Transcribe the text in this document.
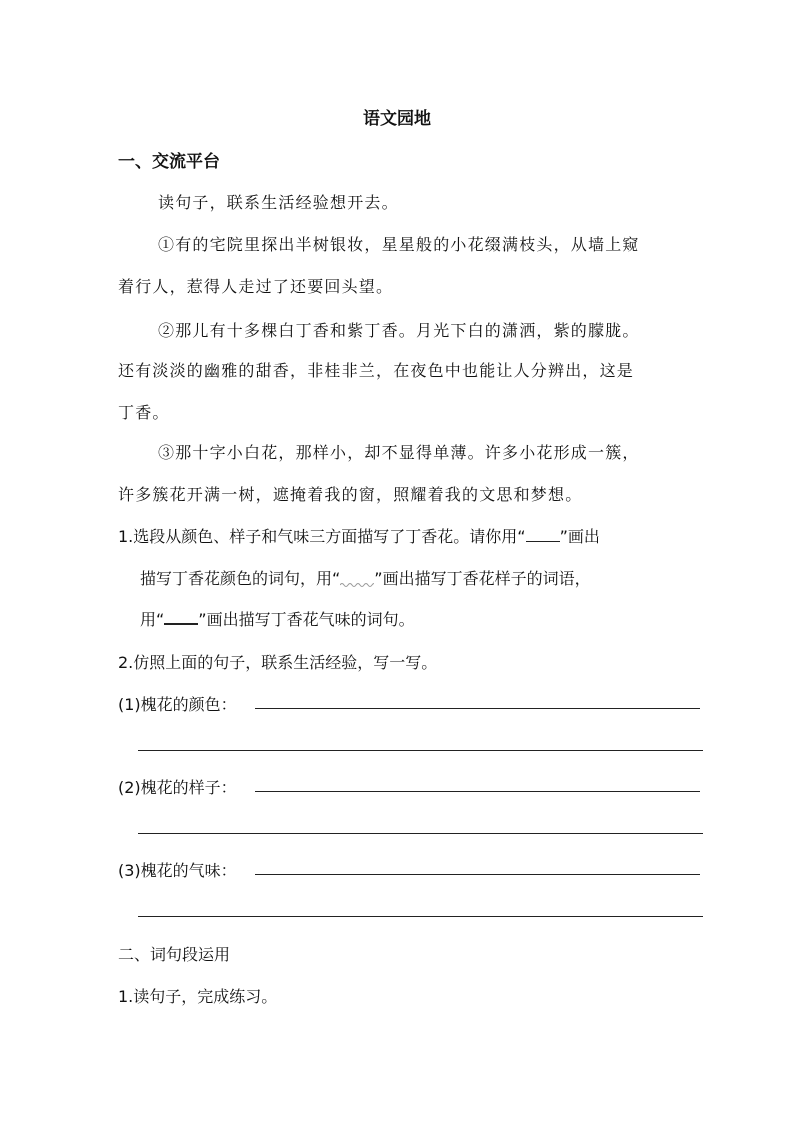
语文园地
一、交流平台
读句子，联系生活经验想开去。
①有的宅院里探出半树银妆，星星般的小花缀满枝头，从墙上窥
着行人，惹得人走过了还要回头望。
②那儿有十多棵白丁香和紫丁香。月光下白的潇洒，紫的朦胧。
还有淡淡的幽雅的甜香，非桂非兰，在夜色中也能让人分辨出，这是
丁香。
③那十字小白花，那样小，却不显得单薄。许多小花形成一簇，
许多簇花开满一树，遮掩着我的窗，照耀着我的文思和梦想。
1.选段从颜色、样子和气味三方面描写了丁香花。请你用“ ”画出
描写丁香花颜色的词句，用“ ”画出描写丁香花样子的词语，
用“ ”画出描写丁香花气味的词句。
2.仿照上面的句子，联系生活经验，写一写。
(1)槐花的颜色：
(2)槐花的样子：
(3)槐花的气味：
二、词句段运用
1.读句子，完成练习。
